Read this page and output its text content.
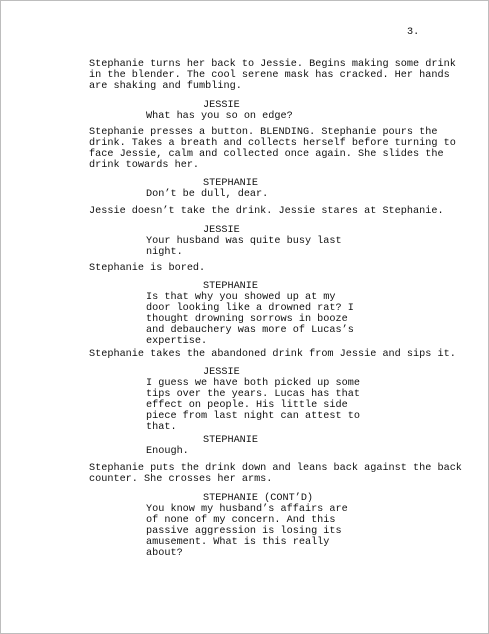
3.

Stephanie turns her back to Jessie. Begins making some drink
in the blender. The cool serene mask has cracked. Her hands
are shaking and fumbling.

JESSIE

What has you so on edge?

Stephanie presses a button. BLENDING. Stephanie pours the
drink. Takes a breath and collects herself before turning to
face Jessie, calm and collected once again. She slides the
drink towards her.

STEPHANIE

Don’t be dull, dear.

Jessie doesn’t take the drink. Jessie stares at Stephanie.

JESSIE

Your husband was quite busy last
night.

Stephanie is bored.

STEPHANIE

Is that why you showed up at my
door looking like a drowned rat? I
thought drowning sorrows in booze
and debauchery was more of Lucas’s
expertise.

Stephanie takes the abandoned drink from Jessie and sips it.

JESSIE

I guess we have both picked up some
tips over the years. Lucas has that
effect on people. His little side
piece from last night can attest to
that.

STEPHANIE

Enough.

Stephanie puts the drink down and leans back against the back
counter. She crosses her arms.

STEPHANIE (CONT’D)

You know my husband’s affairs are
of none of my concern. And this
passive aggression is losing its
amusement. What is this really
about?
